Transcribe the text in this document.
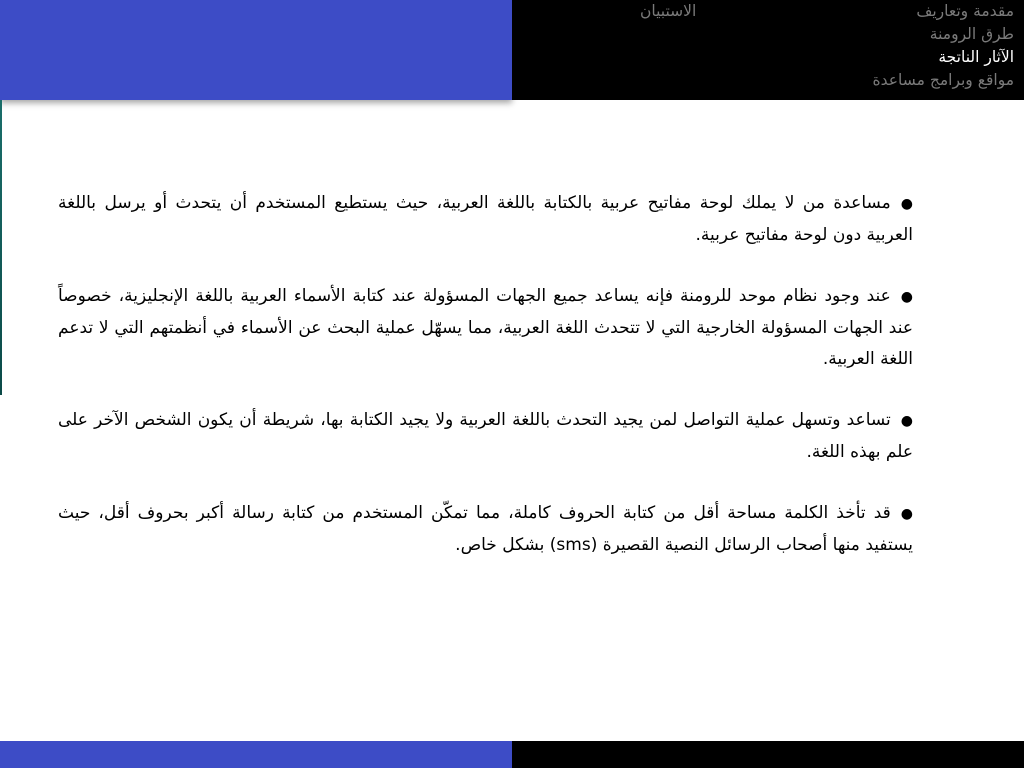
مقدمة وتعاريف
طرق الرومنة
الآثار الناتجة
مواقع وبرامج مساعدة
الاستبيان

●مساعدة من لا يملك لوحة مفاتيح عربية بالكتابة باللغة العربية، حيث يستطيع المستخدم أن يتحدث أو يرسل باللغة العربية دون لوحة مفاتيح عربية.

●عند وجود نظام موحد للرومنة فإنه يساعد جميع الجهات المسؤولة عند كتابة الأسماء العربية باللغة الإنجليزية، خصوصاً عند الجهات المسؤولة الخارجية التي لا تتحدث اللغة العربية، مما يسهّل عملية البحث عن الأسماء في أنظمتهم التي لا تدعم اللغة العربية.

●تساعد وتسهل عملية التواصل لمن يجيد التحدث باللغة العربية ولا يجيد الكتابة بها، شريطة أن يكون الشخص الآخر على علم بهذه اللغة.

●قد تأخذ الكلمة مساحة أقل من كتابة الحروف كاملة، مما تمكّن المستخدم من كتابة رسالة أكبر بحروف أقل، حيث يستفيد منها أصحاب الرسائل النصية القصيرة (sms) بشكل خاص.
